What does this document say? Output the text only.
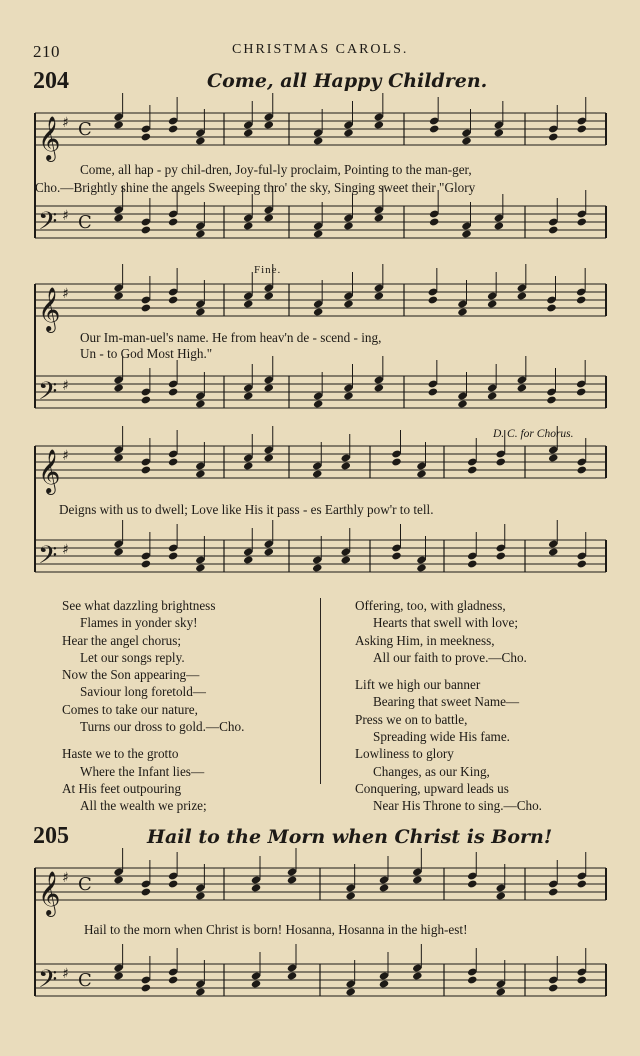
𝄞 ♯ C
𝄢 ♯ C
𝄞 ♯
𝄢 ♯
𝄞 ♯
𝄢 ♯
𝄞 ♯ C
𝄢 ♯ C
210	CHRISTMAS CAROLS.
204	Come, all Happy Children.
Come, all hap - py chil-dren, Joy-ful-ly proclaim, Pointing to the man-ger,
Cho.—Brightly shine the angels Sweeping thro' the sky, Singing sweet their "Glory
Fine.
Our Im-man-uel's name. He from heav'n de - scend - ing,
Un - to God Most High."
D. C. for Chorus.
Deigns with us to dwell; Love like His it pass - es Earthly pow'r to tell.
See what dazzling brightness
Flames in yonder sky!
Hear the angel chorus;
Let our songs reply.
Now the Son appearing—
Saviour long foretold—
Comes to take our nature,
Turns our dross to gold.—Cho.
Haste we to the grotto
Where the Infant lies—
At His feet outpouring
All the wealth we prize;
Offering, too, with gladness,
Hearts that swell with love;
Asking Him, in meekness,
All our faith to prove.—Cho.
Lift we high our banner
Bearing that sweet Name—
Press we on to battle,
Spreading wide His fame.
Lowliness to glory
Changes, as our King,
Conquering, upward leads us
Near His Throne to sing.—Cho.
205	Hail to the Morn when Christ is Born!
Hail to the morn when Christ is born! Hosanna, Hosanna in the high-est!
